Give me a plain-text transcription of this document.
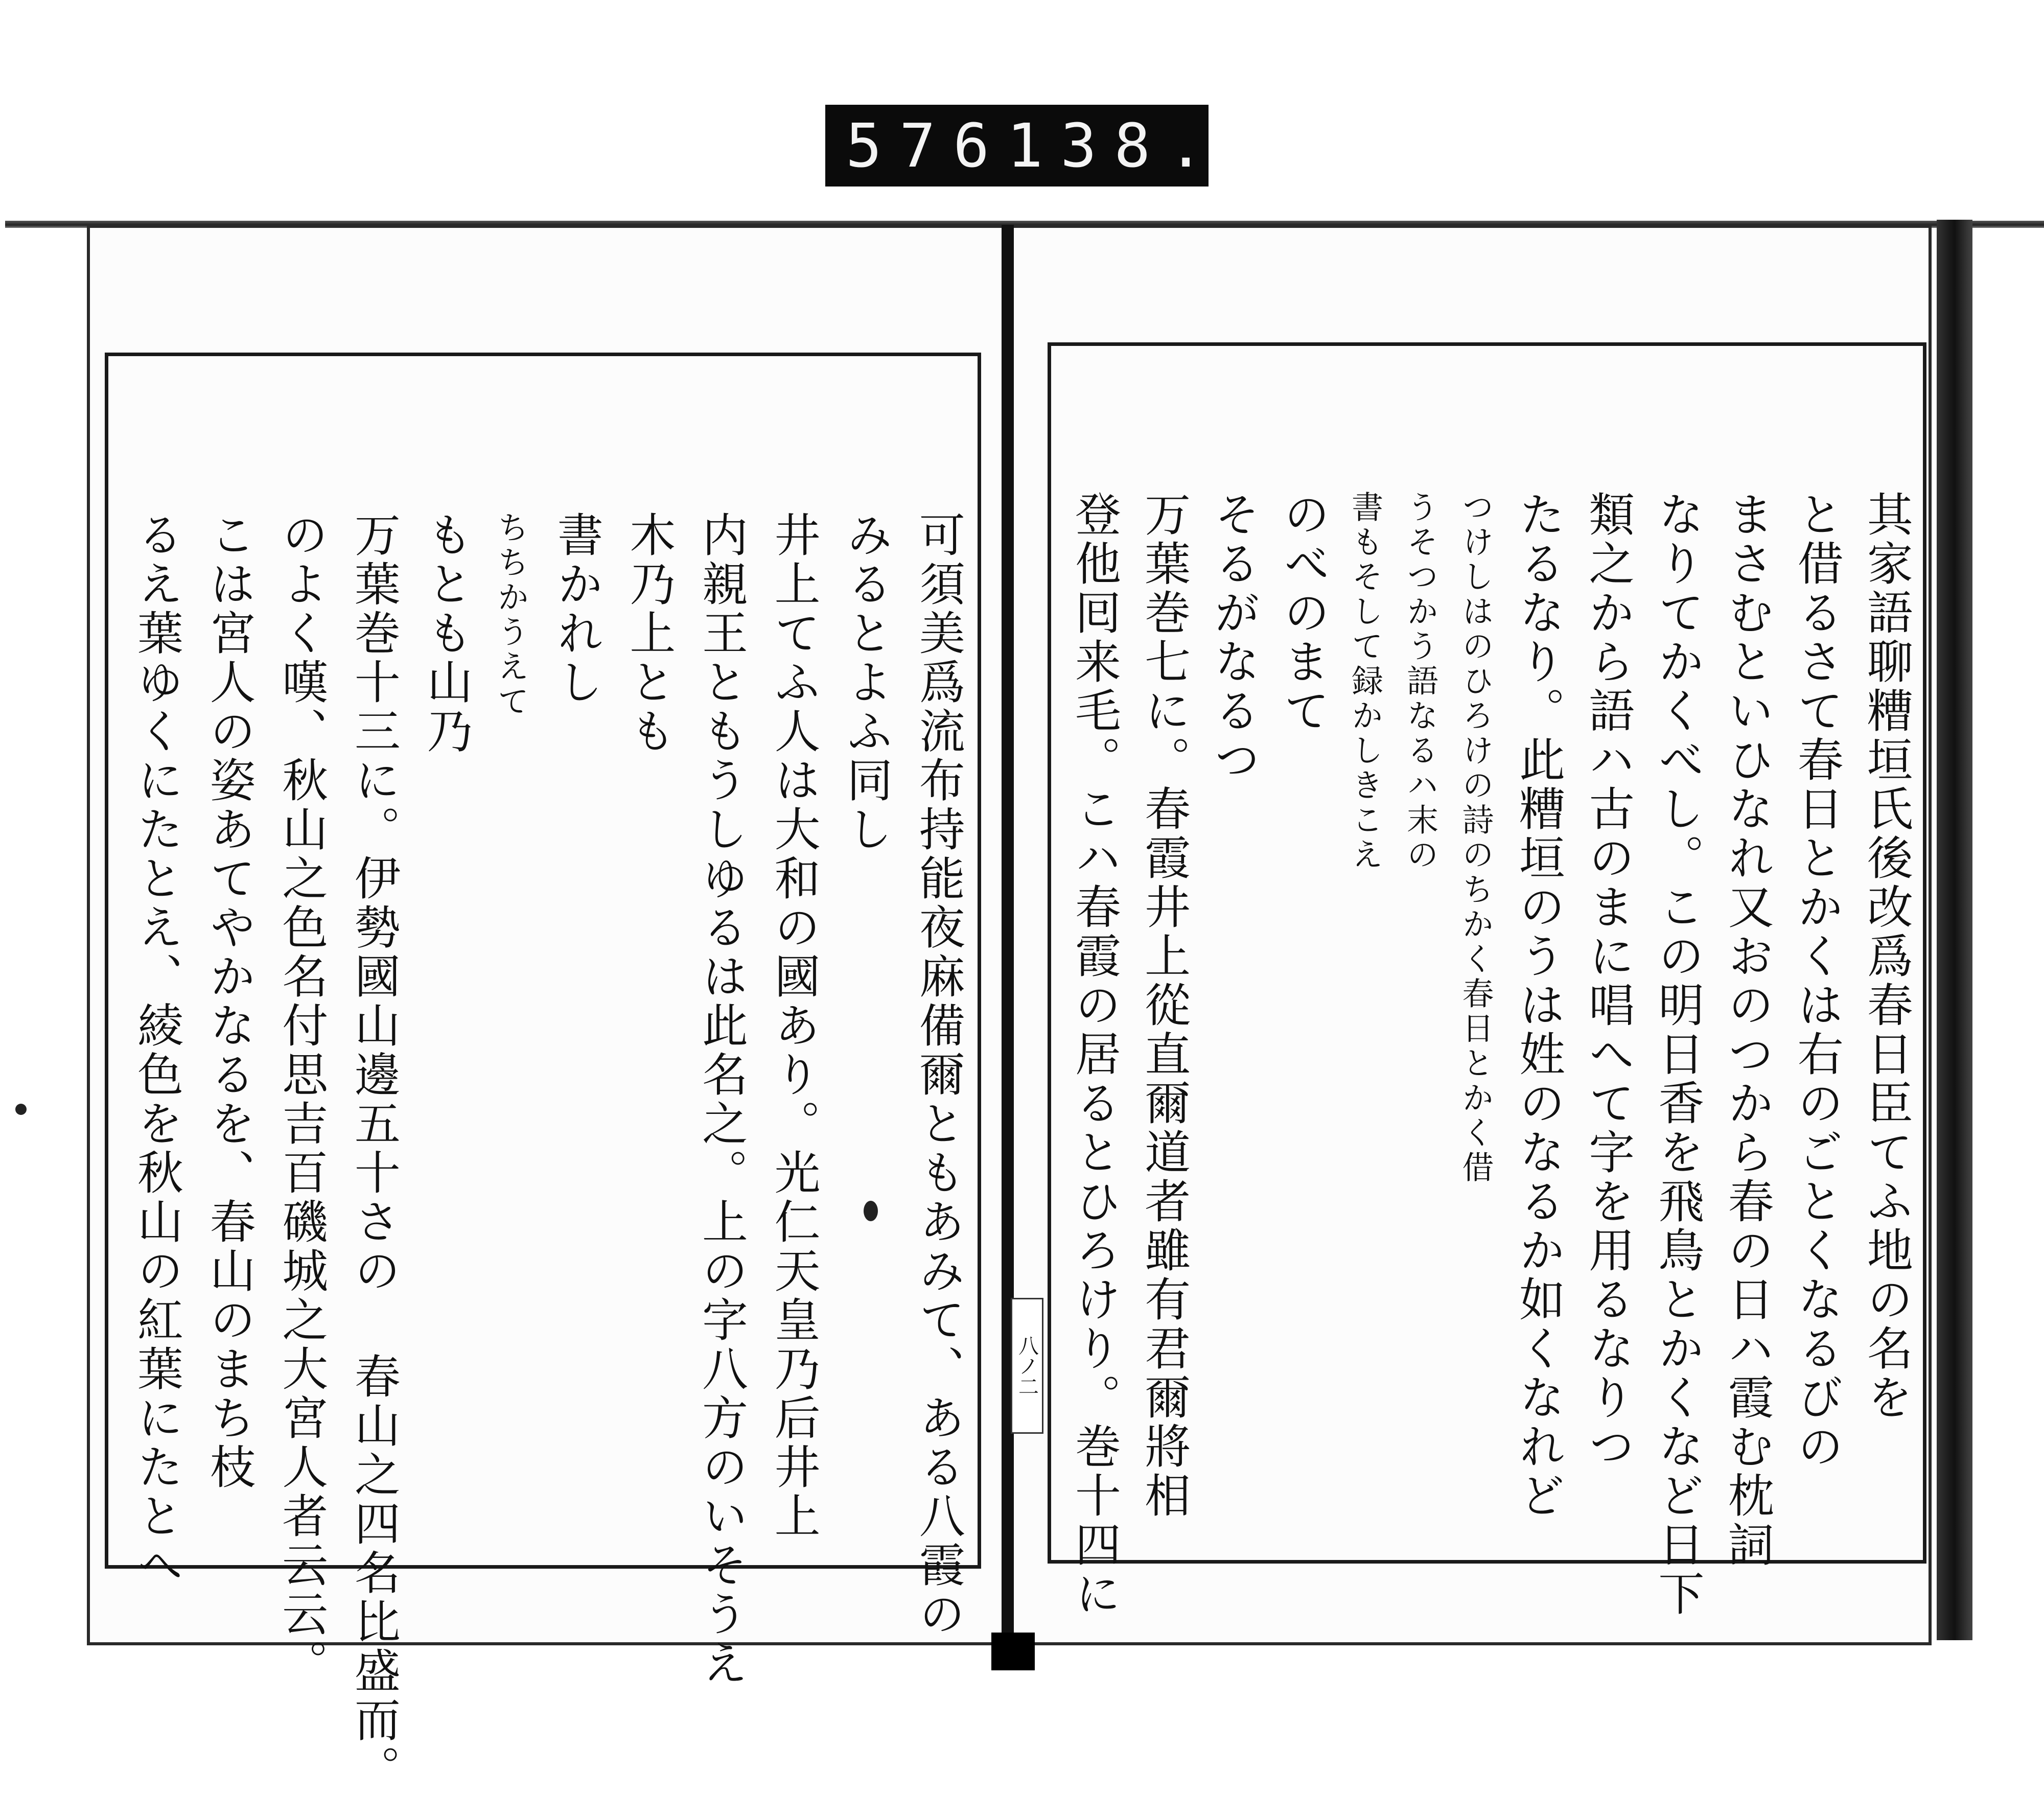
576 138.
可須美爲流布持能夜麻備爾ともあみて、ある八霞の
みるとよふ同し
井上てふ人は大和の國あり。光仁天皇乃后井上
内親王ともうしゆるは此名之。上の字八方のいそうえ
木乃上とも
書かれし
ちちかうえて
もとも山乃
万葉巻十三に。伊勢國山邊五十さの 春山之四名比盛而。
のよく嘆、秋山之色名付思吉百磯城之大宮人者云云。
こは宮人の姿あてやかなるを、春山のまち枝
るえ葉ゆくにたとえ、綾色を秋山の紅葉にたとへ	其家語聊糟垣氏後改爲春日臣てふ地の名を
と借るさて春日とかくは右のごとくなるびの
まさむといひなれ又おのつから春の日ハ霞む枕詞
なりてかくべし。この明日香を飛鳥とかくなど日下
類之から語ハ古のまに唱へて字を用るなりつ
たるなり。此糟垣のうは姓のなるか如くなれど
つけしはのひろけの詩のちかく春日とかく借
うそつかう語なるハ末の
書もそして録かしきこえ
のべのまて
そるがなるつ
万葉巻七に。春霞井上從直爾道者雖有君爾將相
登他囘来毛。こハ春霞の居るとひろけり。巻十四に
八ノ二
